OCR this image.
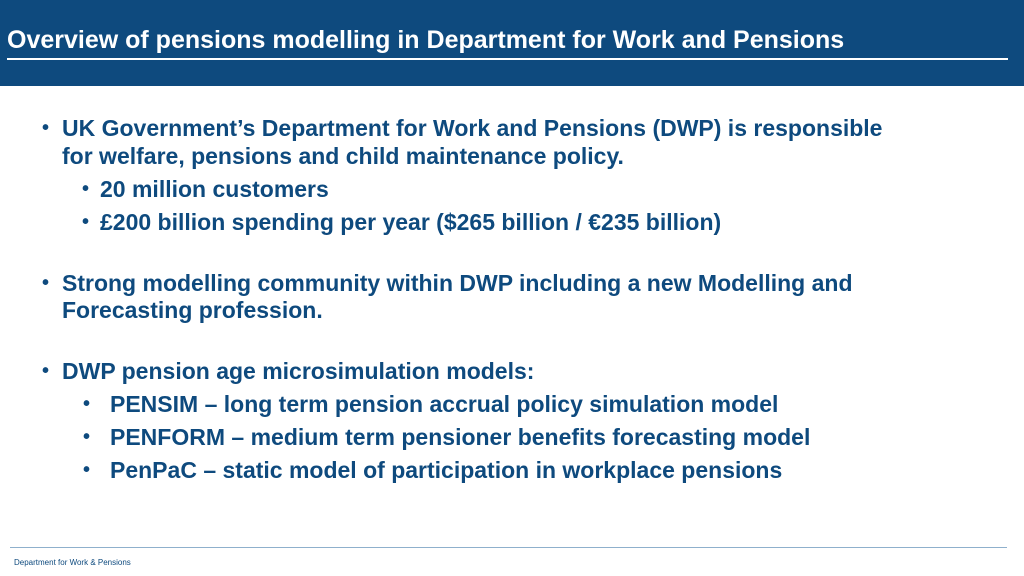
Overview of pensions modelling in Department for Work and Pensions
• UK Government’s Department for Work and Pensions (DWP) is responsible
for welfare, pensions and child maintenance policy.
• 20 million customers
• £200 billion spending per year ($265 billion / €235 billion)
• Strong modelling community within DWP including a new Modelling and
Forecasting profession.
• DWP pension age microsimulation models:
• PENSIM – long term pension accrual policy simulation model
• PENFORM – medium term pensioner benefits forecasting model
• PenPaC – static model of participation in workplace pensions
Department for Work & Pensions
